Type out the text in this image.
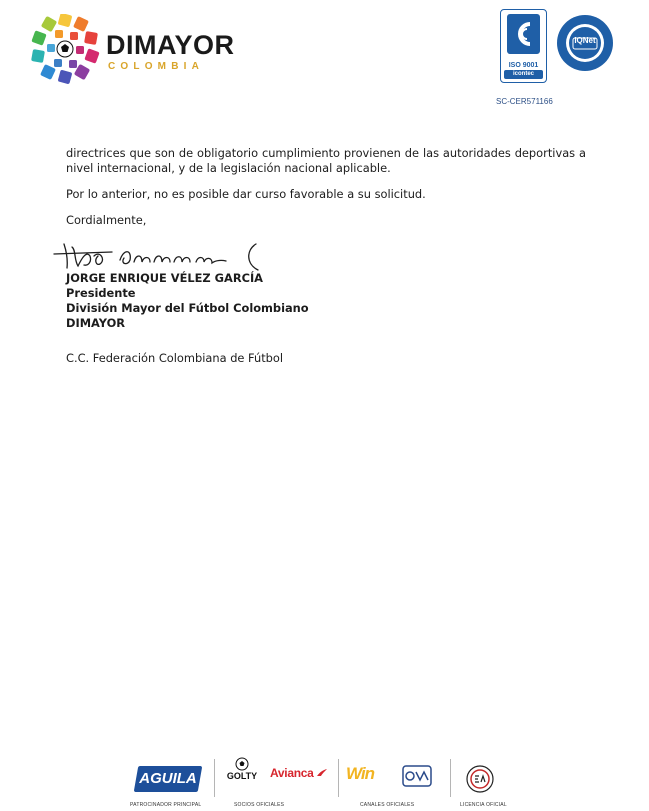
DIMAYOR
COLOMBIA	ISO 9001
icontec
IQNet
SC-CER571166

directrices que son de obligatorio cumplimiento provienen de las autoridades deportivas a nivel internacional, y de la legislación nacional aplicable.

Por lo anterior, no es posible dar curso favorable a su solicitud.

Cordialmente,

JORGE ENRIQUE VÉLEZ GARCÍA
Presidente
División Mayor del Fútbol Colombiano
DIMAYOR
C.C. Federación Colombiana de Fútbol
AGUILA
PATROCINADOR PRINCIPAL
GOLTY	Avianca
SOCIOS OFICIALES
Win
CANALES OFICIALES	LICENCIA OFICIAL
